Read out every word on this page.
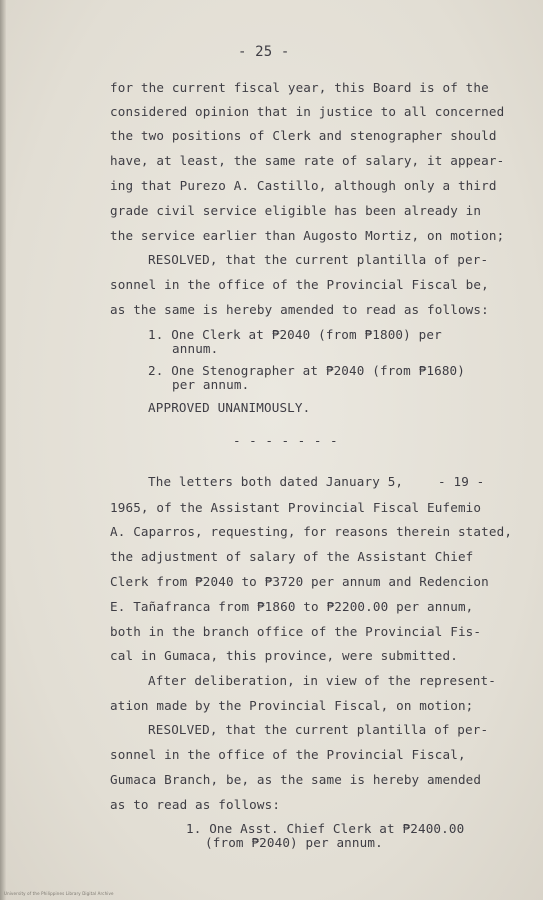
- 25 -
for the current fiscal year, this Board is of the
considered opinion that in justice to all concerned
the two positions of Clerk and stenographer should
have, at least, the same rate of salary, it appear-
ing that Purezo A. Castillo, although only a third
grade civil service eligible has been already in
the service earlier than Augosto Mortiz, on motion;
RESOLVED, that the current plantilla of per-
sonnel in the office of the Provincial Fiscal be,
as the same is hereby amended to read as follows:
1. One Clerk at ₱2040 (from ₱1800) per
annum.
2. One Stenographer at ₱2040 (from ₱1680)
per annum.
APPROVED UNANIMOUSLY.
- - - - - - -
The letters both dated January 5,	- 19 -
1965, of the Assistant Provincial Fiscal Eufemio
A. Caparros, requesting, for reasons therein stated,
the adjustment of salary of the Assistant Chief
Clerk from ₱2040 to ₱3720 per annum and Redencion
E. Tañafranca from ₱1860 to ₱2200.00 per annum,
both in the branch office of the Provincial Fis-
cal in Gumaca, this province, were submitted.
After deliberation, in view of the represent-
ation made by the Provincial Fiscal, on motion;
RESOLVED, that the current plantilla of per-
sonnel in the office of the Provincial Fiscal,
Gumaca Branch, be, as the same is hereby amended
as to read as follows:
1. One Asst. Chief Clerk at ₱2400.00
(from ₱2040) per annum.
University of the Philippines Library Digital Archive
